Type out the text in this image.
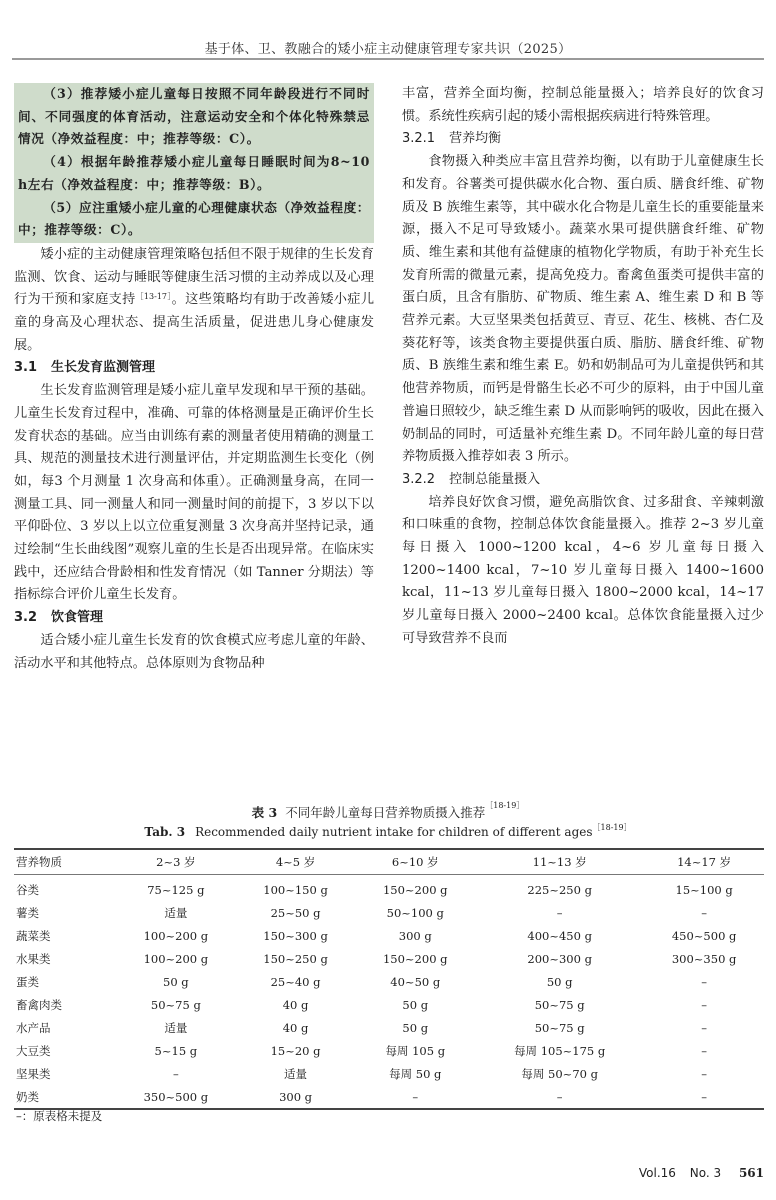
基于体、卫、教融合的矮小症主动健康管理专家共识（2025）

（3）推荐矮小症儿童每日按照不同年龄段进行不同时间、不同强度的体育活动，注意运动安全和个体化特殊禁忌情况（净效益程度：中；推荐等级：C）。

（4）根据年龄推荐矮小症儿童每日睡眠时间为8~10 h左右（净效益程度：中；推荐等级：B）。

（5）应注重矮小症儿童的心理健康状态（净效益程度：中；推荐等级：C）。

矮小症的主动健康管理策略包括但不限于规律的生长发育监测、饮食、运动与睡眠等健康生活习惯的主动养成以及心理行为干预和家庭支持$^{[13-17]}$。这些策略均有助于改善矮小症儿童的身高及心理状态、提高生活质量，促进患儿身心健康发展。

3.1 生长发育监测管理

生长发育监测管理是矮小症儿童早发现和早干预的基础。儿童生长发育过程中，准确、可靠的体格测量是正确评价生长发育状态的基础。应当由训练有素的测量者使用精确的测量工具、规范的测量技术进行测量评估，并定期监测生长变化（例如，每3 个月测量 1 次身高和体重）。正确测量身高，在同一测量工具、同一测量人和同一测量时间的前提下，3 岁以下以平仰卧位、3 岁以上以立位重复测量 3 次身高并坚持记录，通过绘制“生长曲线图”观察儿童的生长是否出现异常。在临床实践中，还应结合骨龄相和性发育情况（如 Tanner 分期法）等指标综合评价儿童生长发育。

3.2 饮食管理

适合矮小症儿童生长发育的饮食模式应考虑儿童的年龄、活动水平和其他特点。总体原则为食物品种

丰富，营养全面均衡，控制总能量摄入；培养良好的饮食习惯。系统性疾病引起的矮小需根据疾病进行特殊管理。

3.2.1 营养均衡

食物摄入种类应丰富且营养均衡，以有助于儿童健康生长和发育。谷薯类可提供碳水化合物、蛋白质、膳食纤维、矿物质及 B 族维生素等，其中碳水化合物是儿童生长的重要能量来源，摄入不足可导致矮小。蔬菜水果可提供膳食纤维、矿物质、维生素和其他有益健康的植物化学物质，有助于补充生长发育所需的微量元素，提高免疫力。畜禽鱼蛋类可提供丰富的蛋白质，且含有脂肪、矿物质、维生素 A、维生素 D 和 B 等营养元素。大豆坚果类包括黄豆、青豆、花生、核桃、杏仁及葵花籽等，该类食物主要提供蛋白质、脂肪、膳食纤维、矿物质、B 族维生素和维生素 E。奶和奶制品可为儿童提供钙和其他营养物质，而钙是骨骼生长必不可少的原料，由于中国儿童普遍日照较少，缺乏维生素 D 从而影响钙的吸收，因此在摄入奶制品的同时，可适量补充维生素 D。不同年龄儿童的每日营养物质摄入推荐如表 3 所示。

3.2.2 控制总能量摄入

培养良好饮食习惯，避免高脂饮食、过多甜食、辛辣刺激和口味重的食物，控制总体饮食能量摄入。推荐 2~3 岁儿童每日摄入 1000~1200 kcal，4~6 岁儿童每日摄入 1200~1400 kcal，7~10 岁儿童每日摄入 1400~1600 kcal，11~13 岁儿童每日摄入 1800~2000 kcal，14~17 岁儿童每日摄入 2000~2400 kcal。总体饮食能量摄入过少可导致营养不良而

表 3 不同年龄儿童每日营养物质摄入推荐$^{[18-19]}$
Tab. 3 Recommended daily nutrient intake for children of different ages$^{[18-19]}$
营养物质	2~3 岁	4~5 岁	6~10 岁	11~13 岁	14~17 岁
谷类	75~125 g	100~150 g	150~200 g	225~250 g	15~100 g
薯类	适量	25~50 g	50~100 g	–	–
蔬菜类	100~200 g	150~300 g	300 g	400~450 g	450~500 g
水果类	100~200 g	150~250 g	150~200 g	200~300 g	300~350 g
蛋类	50 g	25~40 g	40~50 g	50 g	–
畜禽肉类	50~75 g	40 g	50 g	50~75 g	–
水产品	适量	40 g	50 g	50~75 g	–
大豆类	5~15 g	15~20 g	每周 105 g	每周 105~175 g	–
坚果类	–	适量	每周 50 g	每周 50~70 g	–
奶类	350~500 g	300 g	–	–	–
–：原表格未提及
Vol.16 No. 3 561
